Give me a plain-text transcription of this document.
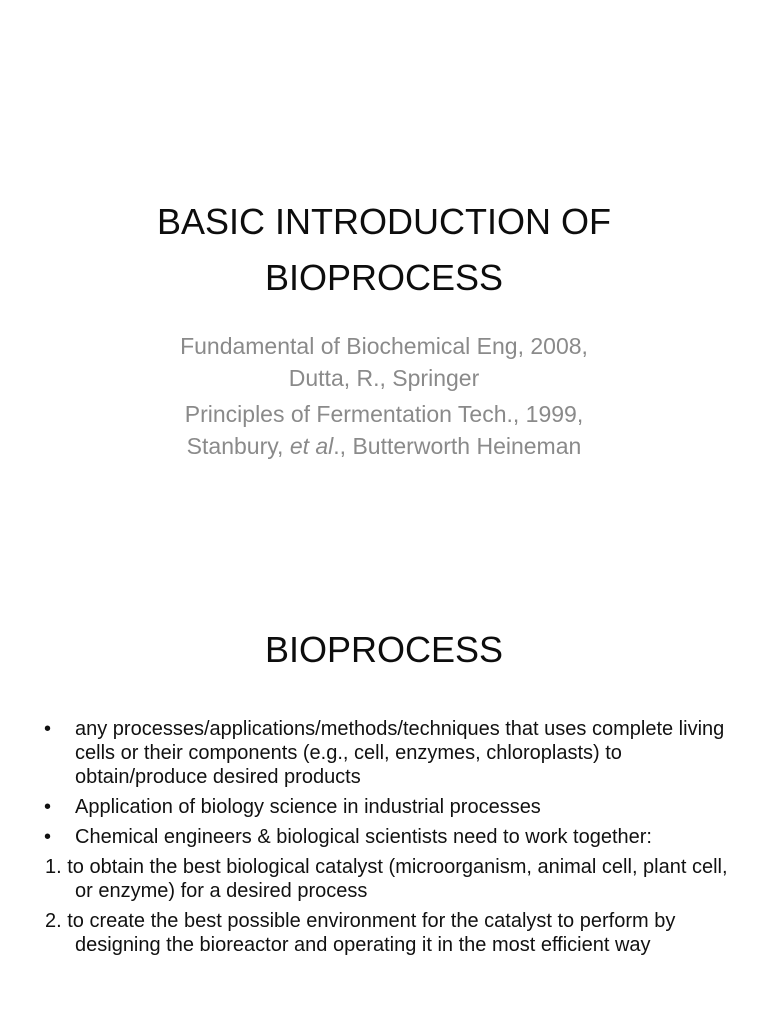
BASIC INTRODUCTION OF
BIOPROCESS
Fundamental of Biochemical Eng, 2008,
Dutta, R., Springer
Principles of Fermentation Tech., 1999,
Stanbury, et al., Butterworth Heineman
BIOPROCESS
• any processes/applications/methods/techniques that uses complete living cells or their components (e.g., cell, enzymes, chloroplasts) to obtain/produce desired products
• Application of biology science in industrial processes
• Chemical engineers & biological scientists need to work together:
1. to obtain the best biological catalyst (microorganism, animal cell, plant cell, or enzyme) for a desired process
2. to create the best possible environment for the catalyst to perform by designing the bioreactor and operating it in the most efficient way
